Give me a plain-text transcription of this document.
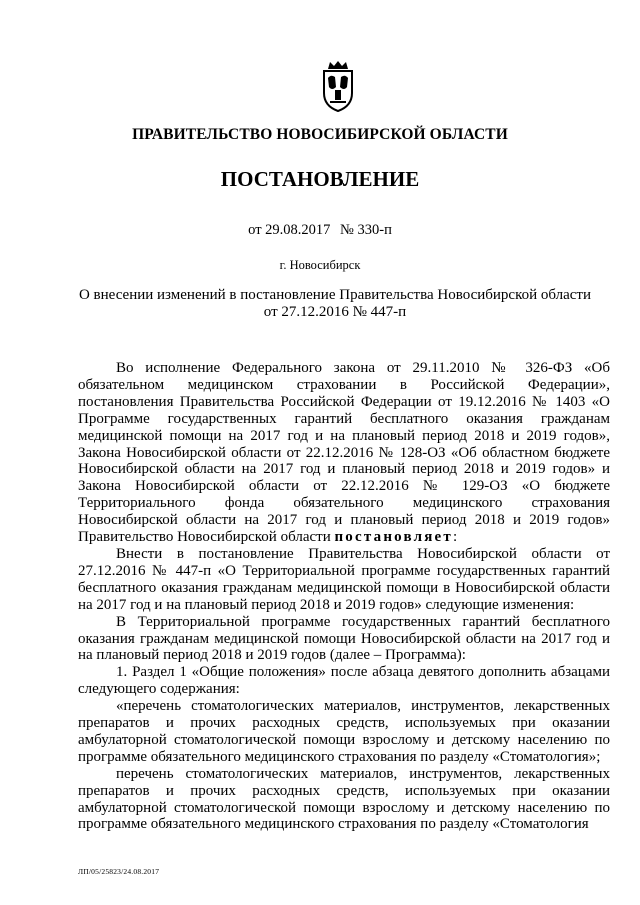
ПРАВИТЕЛЬСТВО НОВОСИБИРСКОЙ ОБЛАСТИ
ПОСТАНОВЛЕНИЕ
от 29.08.2017 № 330-п
г. Новосибирск
О внесении изменений в постановление Правительства Новосибирской области
от 27.12.2016 № 447-п

Во исполнение Федерального закона от 29.11.2010 № 326-ФЗ «Об обязательном медицинском страховании в Российской Федерации», постановления Правительства Российской Федерации от 19.12.2016 № 1403 «О Программе государственных гарантий бесплатного оказания гражданам медицинской помощи на 2017 год и на плановый период 2018 и 2019 годов», Закона Новосибирской области от 22.12.2016 № 128-ОЗ «Об областном бюджете Новосибирской области на 2017 год и плановый период 2018 и 2019 годов» и Закона Новосибирской области от 22.12.2016 № 129-ОЗ «О бюджете Территориального фонда обязательного медицинского страхования Новосибирской области на 2017 год и плановый период 2018 и 2019 годов» Правительство Новосибирской области постановляет:

Внести в постановление Правительства Новосибирской области от 27.12.2016 № 447-п «О Территориальной программе государственных гарантий бесплатного оказания гражданам медицинской помощи в Новосибирской области на 2017 год и на плановый период 2018 и 2019 годов» следующие изменения:

В Территориальной программе государственных гарантий бесплатного оказания гражданам медицинской помощи Новосибирской области на 2017 год и на плановый период 2018 и 2019 годов (далее – Программа):

1. Раздел 1 «Общие положения» после абзаца девятого дополнить абзацами следующего содержания:

«перечень стоматологических материалов, инструментов, лекарственных препаратов и прочих расходных средств, используемых при оказании амбулаторной стоматологической помощи взрослому и детскому населению по программе обязательного медицинского страхования по разделу «Стоматология»;

перечень стоматологических материалов, инструментов, лекарственных препаратов и прочих расходных средств, используемых при оказании амбулаторной стоматологической помощи взрослому и детскому населению по программе обязательного медицинского страхования по разделу «Стоматология

ЛП/05/25823/24.08.2017
